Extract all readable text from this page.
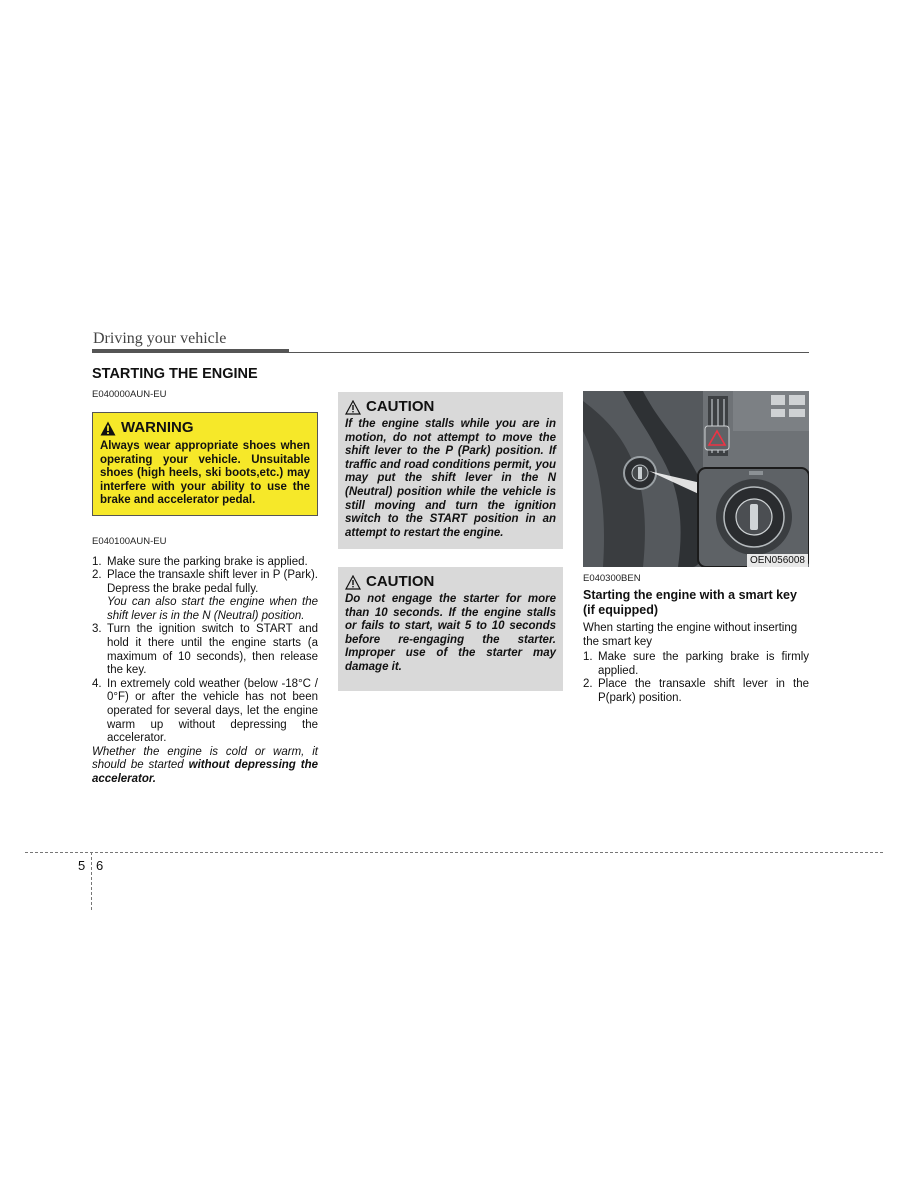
Driving your vehicle
STARTING THE ENGINE
E040000AUN-EU
WARNING
Always wear appropriate shoes when operating your vehicle. Unsuitable shoes (high heels, ski boots,etc.) may interfere with your ability to use the brake and accelerator pedal.
E040100AUN-EU
1. Make sure the parking brake is applied.
2. Place the transaxle shift lever in P (Park). Depress the brake pedal fully.
You can also start the engine when the shift lever is in the N (Neutral) position.
3. Turn the ignition switch to START and hold it there until the engine starts (a maximum of 10 seconds), then release the key.
4. In extremely cold weather (below -18°C / 0°F) or after the vehicle has not been operated for several days, let the engine warm up without depressing the accelerator.
Whether the engine is cold or warm, it should be started without depressing the accelerator.
CAUTION
If the engine stalls while you are in motion, do not attempt to move the shift lever to the P (Park) position. If traffic and road conditions permit, you may put the shift lever in the N (Neutral) position while the vehicle is still moving and turn the ignition switch to the START position in an attempt to restart the engine.
CAUTION
Do not engage the starter for more than 10 seconds. If the engine stalls or fails to start, wait 5 to 10 seconds before re-engaging the starter. Improper use of the starter may damage it.
OEN056008
E040300BEN
Starting the engine with a smart key (if equipped)
When starting the engine without inserting the smart key
1. Make sure the parking brake is firmly applied.
2. Place the transaxle shift lever in the P(park) position.
5 6
